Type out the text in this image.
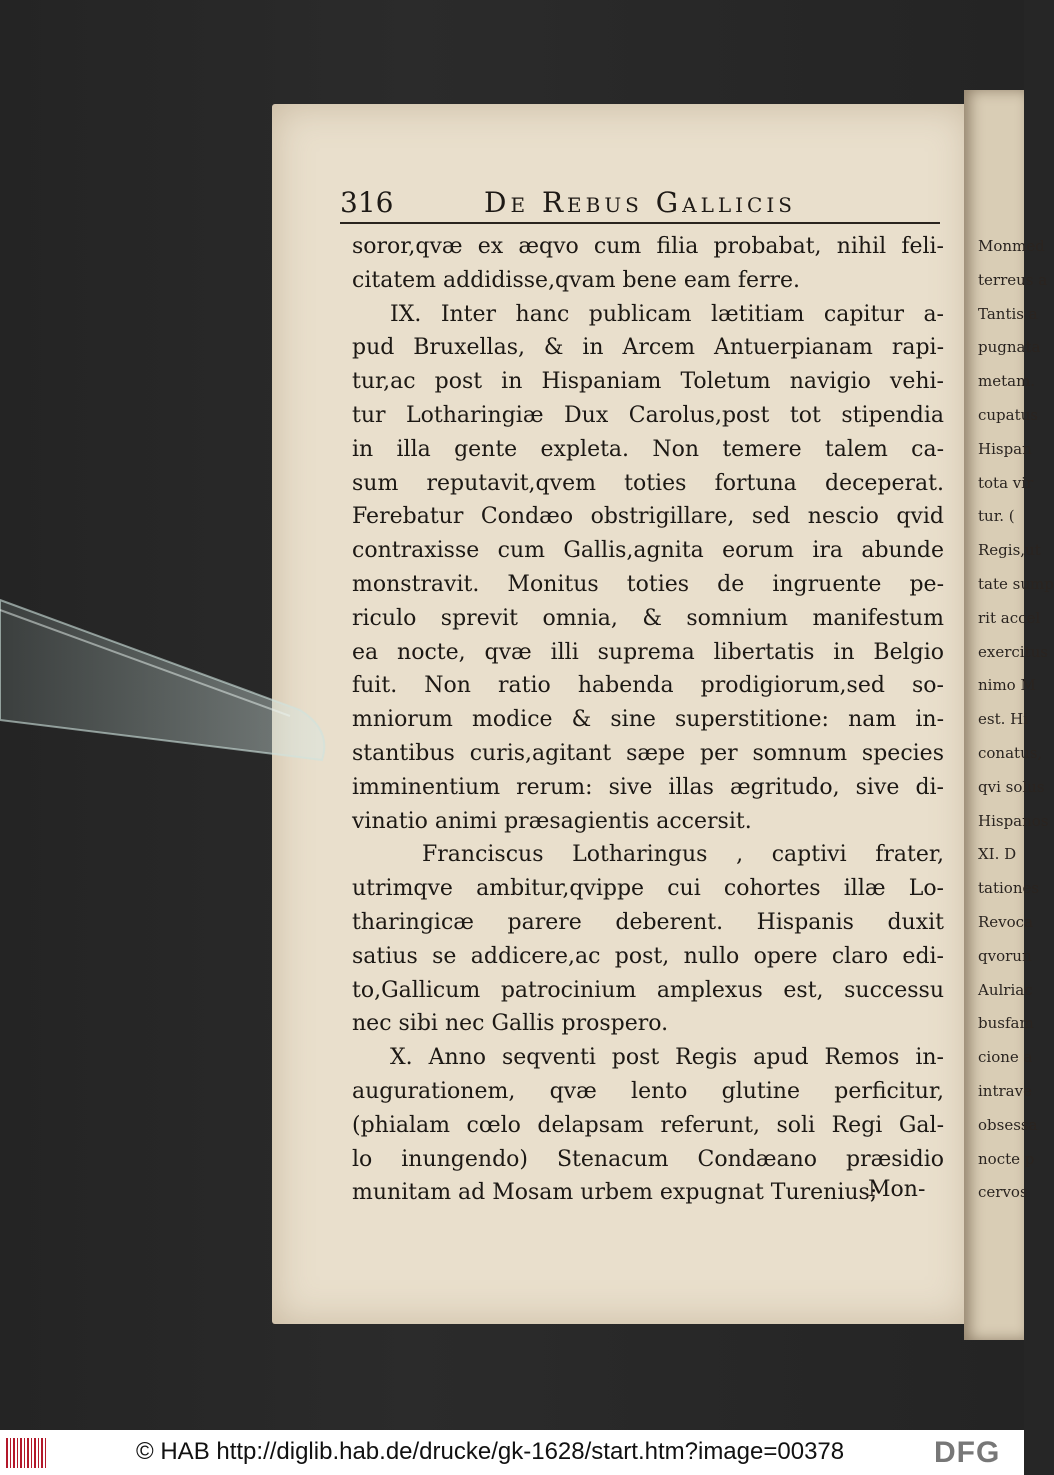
316	De Rebus Gallicis
soror,qvæ ex æqvo cum filia probabat, nihil feli-
citatem addidisse,qvam bene eam ferre.
IX. Inter hanc publicam lætitiam capitur a-
pud Bruxellas, & in Arcem Antuerpianam rapi-
tur,ac post in Hispaniam Toletum navigio vehi-
tur Lotharingiæ Dux Carolus,post tot stipendia
in illa gente expleta. Non temere talem ca-
sum reputavit,qvem toties fortuna deceperat.
Ferebatur Condæo obstrigillare, sed nescio qvid
contraxisse cum Gallis,agnita eorum ira abunde
monstravit. Monitus toties de ingruente pe-
riculo sprevit omnia, & somnium manifestum
ea nocte, qvæ illi suprema libertatis in Belgio
fuit. Non ratio habenda prodigiorum,sed so-
mniorum modice & sine superstitione: nam in-
stantibus curis,agitant sæpe per somnum species
imminentium rerum: sive illas ægritudo, sive di-
vinatio animi præsagientis accersit.
Franciscus Lotharingus , captivi frater,
utrimqve ambitur,qvippe cui cohortes illæ Lo-
tharingicæ parere deberent. Hispanis duxit
satius se addicere,ac post, nullo opere claro edi-
to,Gallicum patrocinium amplexus est, successu
nec sibi nec Gallis prospero.
X. Anno seqventi post Regis apud Remos in-
augurationem, qvæ lento glutine perficitur,
(phialam cœlo delapsam referunt, soli Regi Gal-
lo inungendo) Stenacum Condæano præsidio
munitam ad Mosam urbem expugnat Turenius;
Mon-
Monmed
terreus a
Tantis a
pugnata
metam.
cupatus
Hispan
tota vir
tur. (
Regis,ut
tate sump
rit accel
exercitus
nimo M
est. Hi
conatus,
qvi solus
Hispanos
XI. D
tationes
Revoca
qvorun
Aulriac
busfam
cione a
intrave
obsessa
nocte p
cervos
© HAB http://diglib.hab.de/drucke/gk-1628/start.htm?image=00378	DFG
